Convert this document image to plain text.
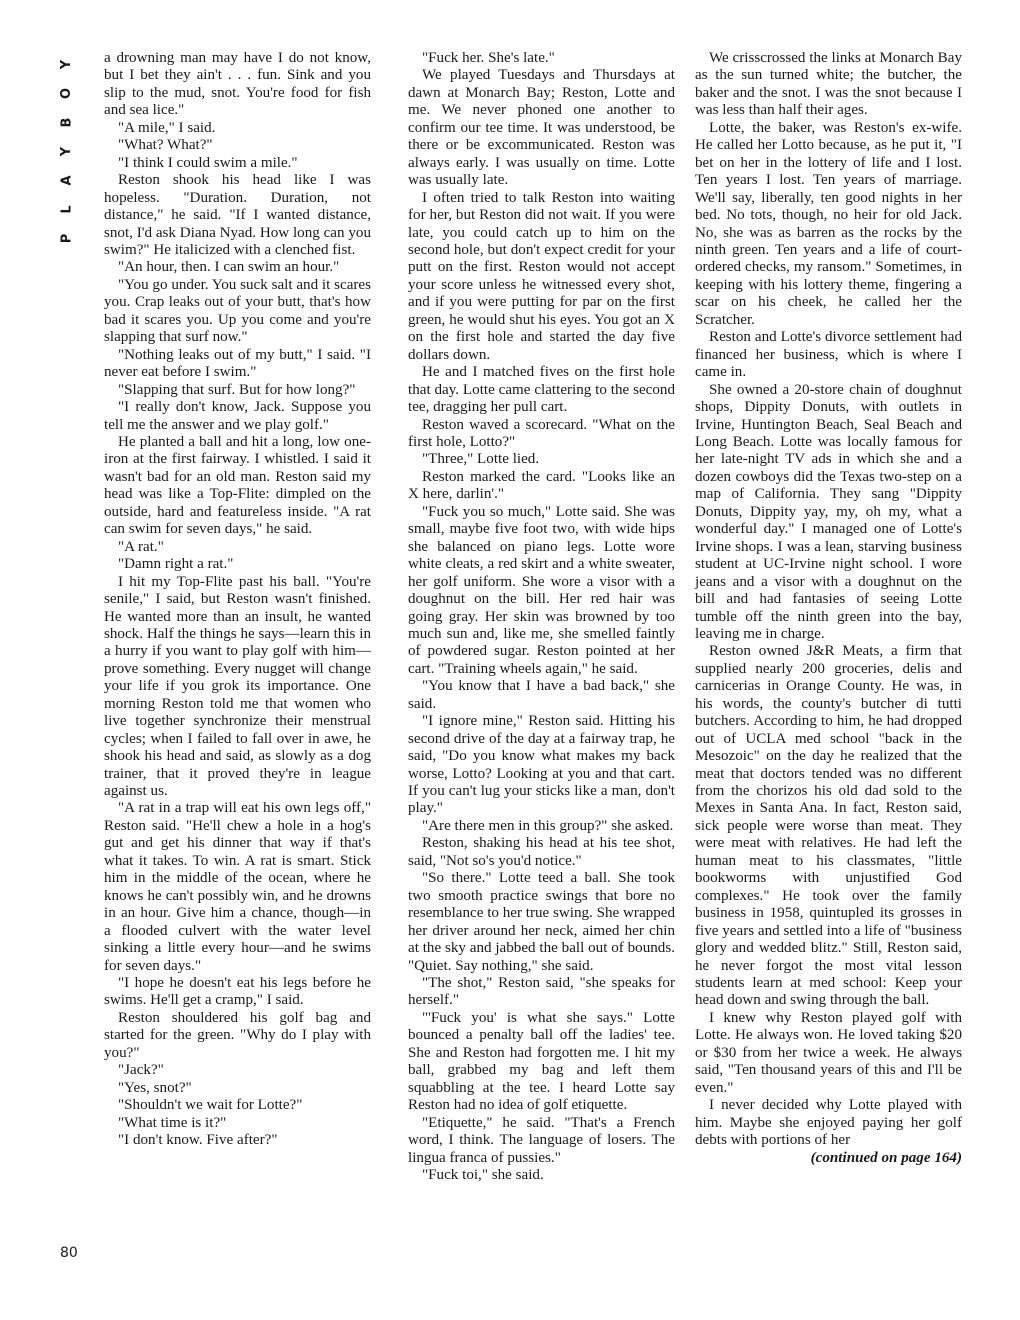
Y
O
B
Y
A
L
P

a drowning man may have I do not know, but I bet they ain't . . . fun. Sink and you slip to the mud, snot. You're food for fish and sea lice."

"A mile," I said.

"What? What?"

"I think I could swim a mile."

Reston shook his head like I was hopeless. "Duration. Duration, not distance," he said. "If I wanted distance, snot, I'd ask Diana Nyad. How long can you swim?" He italicized with a clenched fist.

"An hour, then. I can swim an hour."

"You go under. You suck salt and it scares you. Crap leaks out of your butt, that's how bad it scares you. Up you come and you're slapping that surf now."

"Nothing leaks out of my butt," I said. "I never eat before I swim."

"Slapping that surf. But for how long?"

"I really don't know, Jack. Suppose you tell me the answer and we play golf."

He planted a ball and hit a long, low one-iron at the first fairway. I whistled. I said it wasn't bad for an old man. Reston said my head was like a Top-Flite: dimpled on the outside, hard and featureless inside. "A rat can swim for seven days," he said.

"A rat."

"Damn right a rat."

I hit my Top-Flite past his ball. "You're senile," I said, but Reston wasn't finished. He wanted more than an insult, he wanted shock. Half the things he says—learn this in a hurry if you want to play golf with him—prove something. Every nugget will change your life if you grok its importance. One morning Reston told me that women who live together synchronize their menstrual cycles; when I failed to fall over in awe, he shook his head and said, as slowly as a dog trainer, that it proved they're in league against us.

"A rat in a trap will eat his own legs off," Reston said. "He'll chew a hole in a hog's gut and get his dinner that way if that's what it takes. To win. A rat is smart. Stick him in the middle of the ocean, where he knows he can't possibly win, and he drowns in an hour. Give him a chance, though—in a flooded culvert with the water level sinking a little every hour—and he swims for seven days."

"I hope he doesn't eat his legs before he swims. He'll get a cramp," I said.

Reston shouldered his golf bag and started for the green. "Why do I play with you?"

"Jack?"

"Yes, snot?"

"Shouldn't we wait for Lotte?"

"What time is it?"

"I don't know. Five after?"

"Fuck her. She's late."

We played Tuesdays and Thursdays at dawn at Monarch Bay; Reston, Lotte and me. We never phoned one another to confirm our tee time. It was understood, be there or be excommunicated. Reston was always early. I was usually on time. Lotte was usually late.

I often tried to talk Reston into waiting for her, but Reston did not wait. If you were late, you could catch up to him on the second hole, but don't expect credit for your putt on the first. Reston would not accept your score unless he witnessed every shot, and if you were putting for par on the first green, he would shut his eyes. You got an X on the first hole and started the day five dollars down.

He and I matched fives on the first hole that day. Lotte came clattering to the second tee, dragging her pull cart.

Reston waved a scorecard. "What on the first hole, Lotto?"

"Three," Lotte lied.

Reston marked the card. "Looks like an X here, darlin'."

"Fuck you so much," Lotte said. She was small, maybe five foot two, with wide hips she balanced on piano legs. Lotte wore white cleats, a red skirt and a white sweater, her golf uniform. She wore a visor with a doughnut on the bill. Her red hair was going gray. Her skin was browned by too much sun and, like me, she smelled faintly of powdered sugar. Reston pointed at her cart. "Training wheels again," he said.

"You know that I have a bad back," she said.

"I ignore mine," Reston said. Hitting his second drive of the day at a fairway trap, he said, "Do you know what makes my back worse, Lotto? Looking at you and that cart. If you can't lug your sticks like a man, don't play."

"Are there men in this group?" she asked.

Reston, shaking his head at his tee shot, said, "Not so's you'd notice."

"So there." Lotte teed a ball. She took two smooth practice swings that bore no resemblance to her true swing. She wrapped her driver around her neck, aimed her chin at the sky and jabbed the ball out of bounds. "Quiet. Say nothing," she said.

"The shot," Reston said, "she speaks for herself."

"'Fuck you' is what she says." Lotte bounced a penalty ball off the ladies' tee. She and Reston had forgotten me. I hit my ball, grabbed my bag and left them squabbling at the tee. I heard Lotte say Reston had no idea of golf etiquette.

"Etiquette," he said. "That's a French word, I think. The language of losers. The lingua franca of pussies."

"Fuck toi," she said.

We crisscrossed the links at Monarch Bay as the sun turned white; the butcher, the baker and the snot. I was the snot because I was less than half their ages.

Lotte, the baker, was Reston's ex-wife. He called her Lotto because, as he put it, "I bet on her in the lottery of life and I lost. Ten years I lost. Ten years of marriage. We'll say, liberally, ten good nights in her bed. No tots, though, no heir for old Jack. No, she was as barren as the rocks by the ninth green. Ten years and a life of court-ordered checks, my ransom." Sometimes, in keeping with his lottery theme, fingering a scar on his cheek, he called her the Scratcher.

Reston and Lotte's divorce settlement had financed her business, which is where I came in.

She owned a 20-store chain of doughnut shops, Dippity Donuts, with outlets in Irvine, Huntington Beach, Seal Beach and Long Beach. Lotte was locally famous for her late-night TV ads in which she and a dozen cowboys did the Texas two-step on a map of California. They sang "Dippity Donuts, Dippity yay, my, oh my, what a wonderful day." I managed one of Lotte's Irvine shops. I was a lean, starving business student at UC-Irvine night school. I wore jeans and a visor with a doughnut on the bill and had fantasies of seeing Lotte tumble off the ninth green into the bay, leaving me in charge.

Reston owned J&R Meats, a firm that supplied nearly 200 groceries, delis and carnicerias in Orange County. He was, in his words, the county's butcher di tutti butchers. According to him, he had dropped out of UCLA med school "back in the Mesozoic" on the day he realized that the meat that doctors tended was no different from the chorizos his old dad sold to the Mexes in Santa Ana. In fact, Reston said, sick people were worse than meat. They were meat with relatives. He had left the human meat to his classmates, "little bookworms with unjustified God complexes." He took over the family business in 1958, quintupled its grosses in five years and settled into a life of "business glory and wedded blitz." Still, Reston said, he never forgot the most vital lesson students learn at med school: Keep your head down and swing through the ball.

I knew why Reston played golf with Lotte. He always won. He loved taking $20 or $30 from her twice a week. He always said, "Ten thousand years of this and I'll be even."

I never decided why Lotte played with him. Maybe she enjoyed paying her golf debts with portions of her

(continued on page 164)

80
